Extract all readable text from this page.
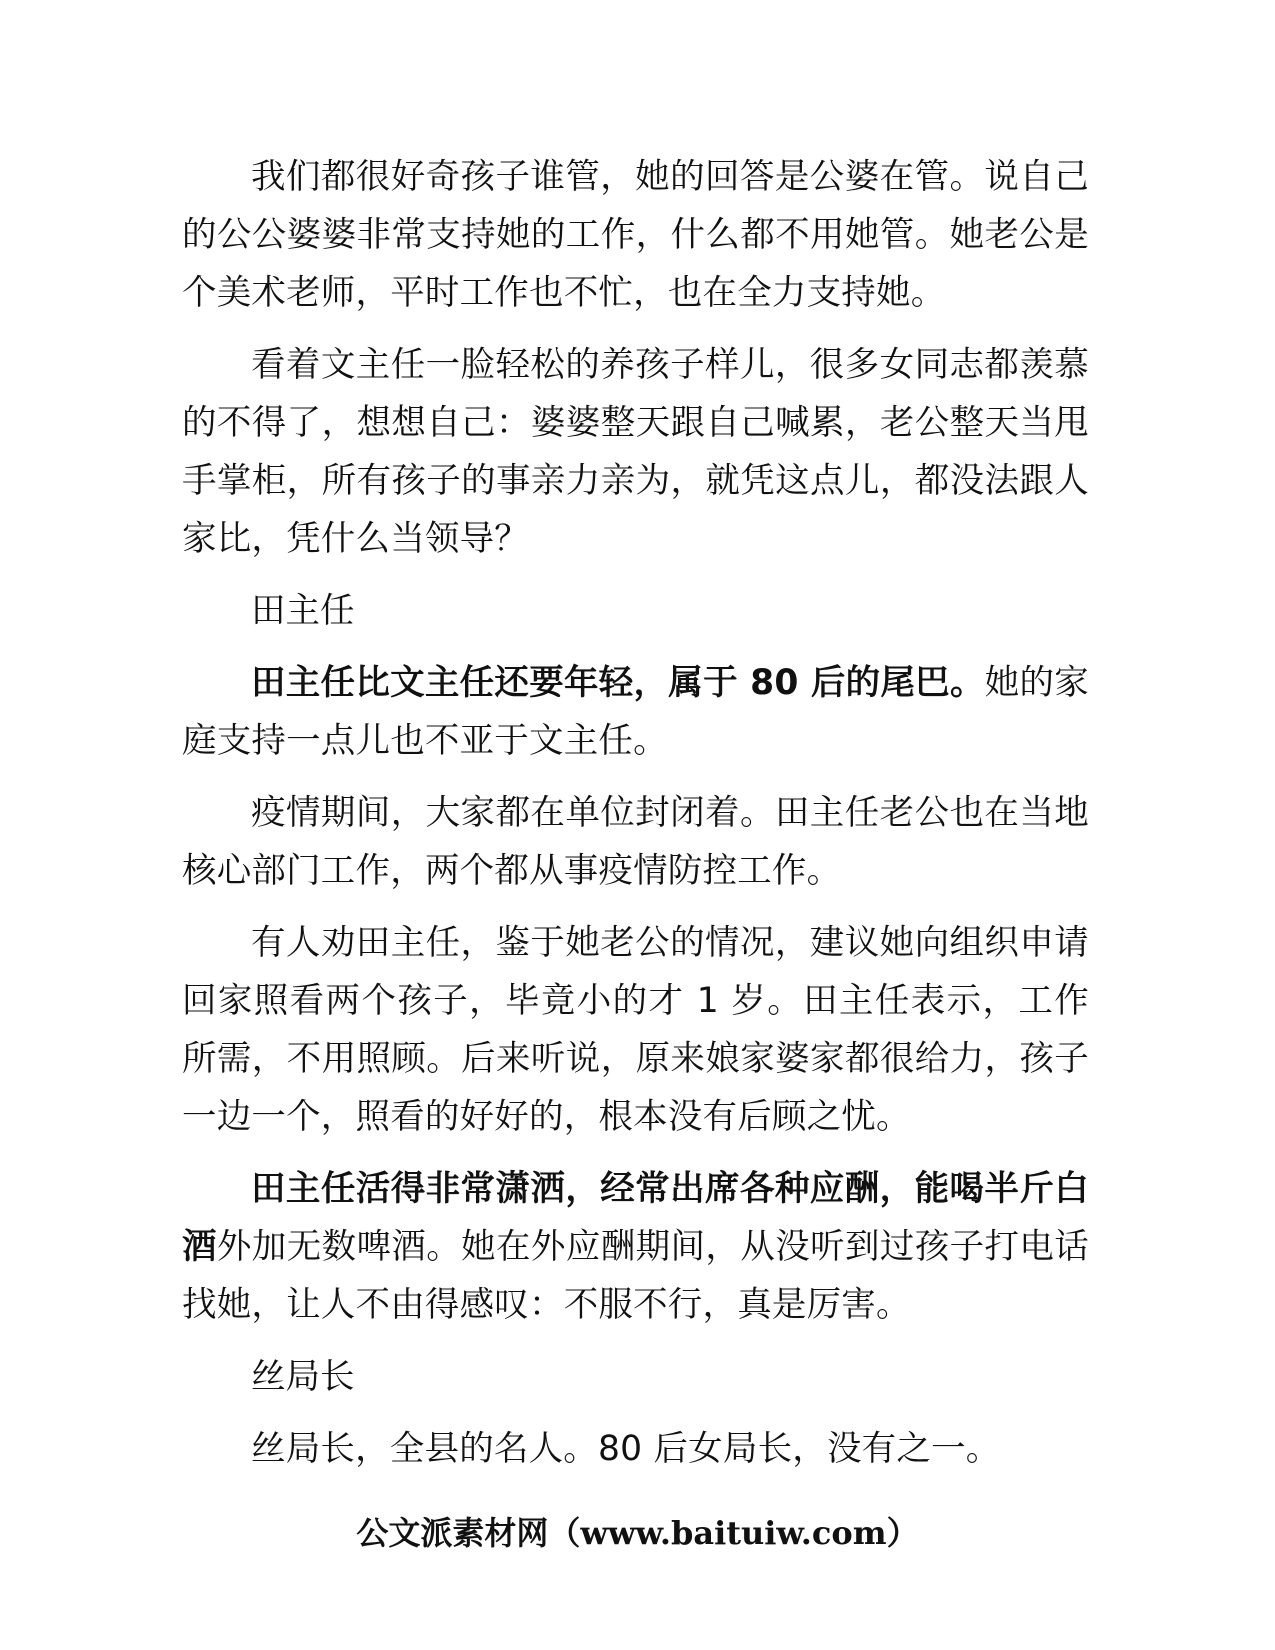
我们都很好奇孩子谁管，她的回答是公婆在管。说自己的公公婆婆非常支持她的工作，什么都不用她管。她老公是个美术老师，平时工作也不忙，也在全力支持她。

看着文主任一脸轻松的养孩子样儿，很多女同志都羡慕的不得了，想想自己：婆婆整天跟自己喊累，老公整天当甩手掌柜，所有孩子的事亲力亲为，就凭这点儿，都没法跟人家比，凭什么当领导？

田主任

田主任比文主任还要年轻，属于 80 后的尾巴。她的家庭支持一点儿也不亚于文主任。

疫情期间，大家都在单位封闭着。田主任老公也在当地核心部门工作，两个都从事疫情防控工作。

有人劝田主任，鉴于她老公的情况，建议她向组织申请回家照看两个孩子，毕竟小的才 1 岁。田主任表示，工作所需，不用照顾。后来听说，原来娘家婆家都很给力，孩子一边一个，照看的好好的，根本没有后顾之忧。

田主任活得非常潇洒，经常出席各种应酬，能喝半斤白酒外加无数啤酒。她在外应酬期间，从没听到过孩子打电话找她，让人不由得感叹：不服不行，真是厉害。

丝局长

丝局长，全县的名人。80 后女局长，没有之一。

公文派素材网（www.baituiw.com）
